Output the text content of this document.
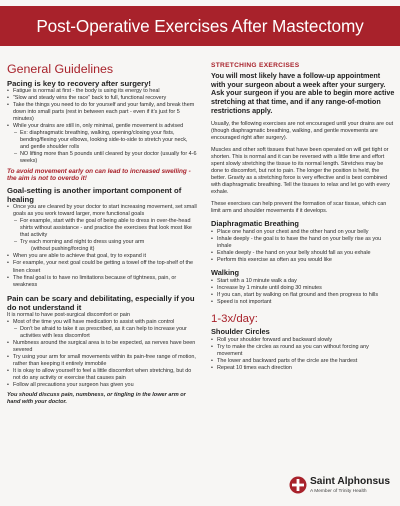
Post-Operative Exercises After Mastectomy
General Guidelines
Pacing is key to recovery after surgery!
• Fatigue is normal at first - the body is using its energy to heal
• “Slow and steady wins the race” back to full, functional recovery
• Take the things you need to do for yourself and your family, and break them down into small parts (rest in between each part - even if it’s just for 5 minutes)
• While your drains are still in, only minimal, gentle movement is advised
– Ex: diaphragmatic breathing, walking, opening/closing your fists, bending/flexing your elbows, looking side-to-side to stretch your neck, and gentle shoulder rolls
– NO lifting more than 5 pounds until cleared by your doctor (usually for 4-6 weeks)

To avoid movement early on can lead to increased swelling - the aim is not to overdo it!

Goal-setting is another important component of healing
• Once you are cleared by your doctor to start increasing movement, set small goals as you work toward larger, more functional goals
– For example, start with the goal of being able to dress in over-the-head shirts without assistance - and practice the exercises that look most like that activity
– Try each morning and night to dress using your arm
(without pushing/forcing it)
• When you are able to achieve that goal, try to expand it
• For example, your next goal could be getting a towel off the top-shelf of the linen closet
• The final goal is to have no limitations because of tightness, pain, or weakness
Pain can be scary and debilitating, especially if you do not understand it

It is normal to have post-surgical discomfort or pain

• Most of the time you will have medication to assist with pain control
– Don’t be afraid to take it as prescribed, as it can help to increase your activities with less discomfort
• Numbness around the surgical area is to be expected, as nerves have been severed
• Try using your arm for small movements within its pain-free range of motion, rather than keeping it entirely immobile
• It is okay to allow yourself to feel a little discomfort when stretching, but do not do any activity or exercise that causes pain
• Follow all precautions your surgeon has given you

You should discuss pain, numbness, or tingling in the lower arm or hand with your doctor.

STRETCHING EXERCISES

You will most likely have a follow-up appointment with your surgeon about a week after your surgery. Ask your surgeon if you are able to begin more active stretching at that time, and if any range-of-motion restrictions apply.

Usually, the following exercises are not encouraged until your drains are out (though diaphragmatic breathing, walking, and gentle movements are encouraged right after surgery).

Muscles and other soft tissues that have been operated on will get tight or shorten. This is normal and it can be reversed with a little time and effort spent slowly stretching the tissue to its normal length. Stretches may be done to discomfort, but not to pain. The longer the position is held, the better. Gravity as a stretching force is very effective and is best combined with diaphragmatic breathing. Tell the tissues to relax and let go with every exhale.

These exercises can help prevent the formation of scar tissue, which can limit arm and shoulder movements if it develops.

Diaphragmatic Breathing
• Place one hand on your chest and the other hand on your belly
• Inhale deeply - the goal is to have the hand on your belly rise as you inhale
• Exhale deeply - the hand on your belly should fall as you exhale
• Perform this exercise as often as you would like
Walking
• Start with a 10 minute walk a day
• Increase by 1 minute until doing 30 minutes
• If you can, start by walking on flat ground and then progress to hills
• Speed is not important
1-3x/day:
Shoulder Circles
• Roll your shoulder forward and backward slowly
• Try to make the circles as round as you can without forcing any movement
• The lower and backward parts of the circle are the hardest
• Repeat 10 times each direction
Saint Alphonsus
A Member of Trinity Health
